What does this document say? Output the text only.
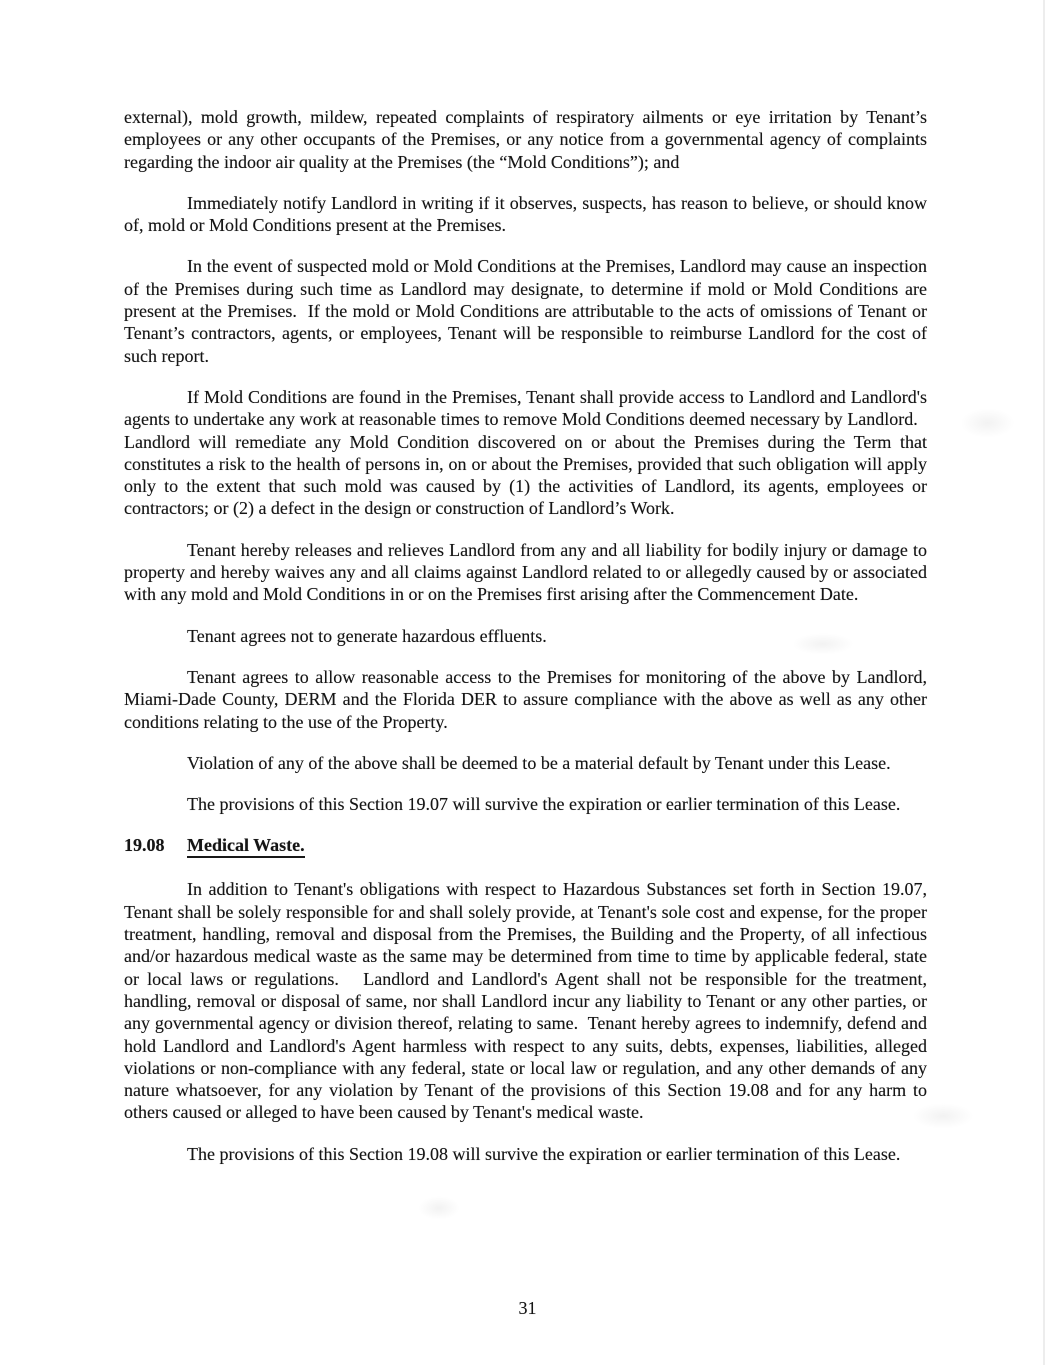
external), mold growth, mildew, repeated complaints of respiratory ailments or eye irritation by Tenant’s employees or any other occupants of the Premises, or any notice from a governmental agency of complaints regarding the indoor air quality at the Premises (the “Mold Conditions”); and

Immediately notify Landlord in writing if it observes, suspects, has reason to believe, or should know of, mold or Mold Conditions present at the Premises.

In the event of suspected mold or Mold Conditions at the Premises, Landlord may cause an inspection of the Premises during such time as Landlord may designate, to determine if mold or Mold Conditions are present at the Premises.  If the mold or Mold Conditions are attributable to the acts of omissions of Tenant or Tenant’s contractors, agents, or employees, Tenant will be responsible to reimburse Landlord for the cost of such report.

If Mold Conditions are found in the Premises, Tenant shall provide access to Landlord and Landlord's agents to undertake any work at reasonable times to remove Mold Conditions deemed necessary by Landlord.   Landlord will remediate any Mold Condition discovered on or about the Premises during the Term that constitutes a risk to the health of persons in, on or about the Premises, provided that such obligation will apply only to the extent that such mold was caused by (1) the activities of Landlord, its agents, employees or contractors; or (2) a defect in the design or construction of Landlord’s Work.

Tenant hereby releases and relieves Landlord from any and all liability for bodily injury or damage to property and hereby waives any and all claims against Landlord related to or allegedly caused by or associated with any mold and Mold Conditions in or on the Premises first arising after the Commencement Date.

Tenant agrees not to generate hazardous effluents.

Tenant agrees to allow reasonable access to the Premises for monitoring of the above by Landlord, Miami-Dade County, DERM and the Florida DER to assure compliance with the above as well as any other conditions relating to the use of the Property.

Violation of any of the above shall be deemed to be a material default by Tenant under this Lease.

The provisions of this Section 19.07 will survive the expiration or earlier termination of this Lease.

19.08 Medical Waste.

In addition to Tenant's obligations with respect to Hazardous Substances set forth in Section 19.07, Tenant shall be solely responsible for and shall solely provide, at Tenant's sole cost and expense, for the proper treatment, handling, removal and disposal from the Premises, the Building and the Property, of all infectious and/or hazardous medical waste as the same may be determined from time to time by applicable federal, state or local laws or regulations.   Landlord and Landlord's Agent shall not be responsible for the treatment, handling, removal or disposal of same, nor shall Landlord incur any liability to Tenant or any other parties, or any governmental agency or division thereof, relating to same.  Tenant hereby agrees to indemnify, defend and hold Landlord and Landlord's Agent harmless with respect to any suits, debts, expenses, liabilities, alleged violations or non-compliance with any federal, state or local law or regulation, and any other demands of any nature whatsoever, for any violation by Tenant of the provisions of this Section 19.08 and for any harm to others caused or alleged to have been caused by Tenant's medical waste.

The provisions of this Section 19.08 will survive the expiration or earlier termination of this Lease.

31
